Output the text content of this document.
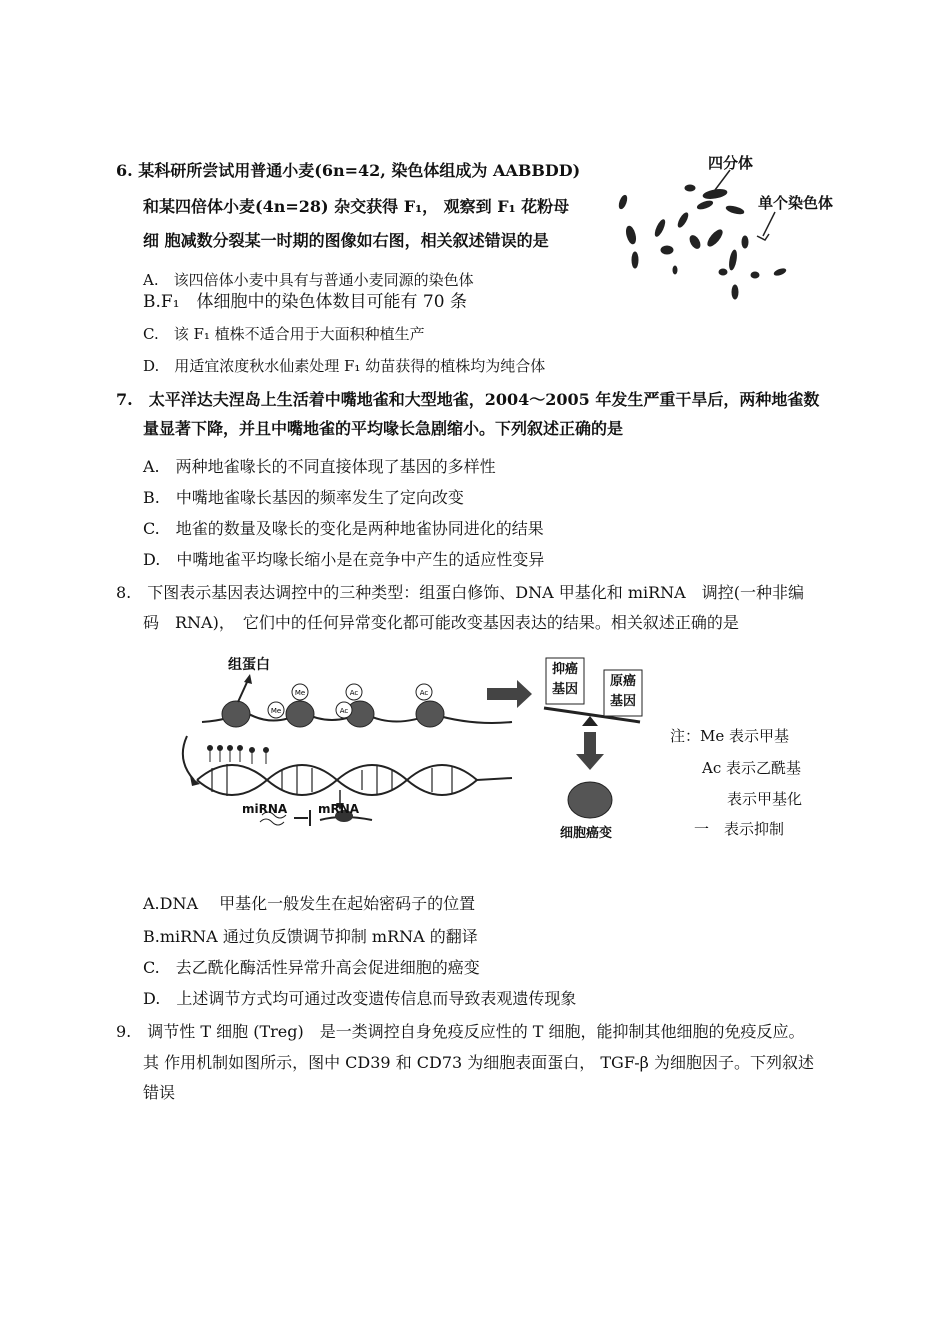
6. 某科研所尝试用普通小麦(6n=42, 染色体组成为 AABBDD)
和某四倍体小麦(4n=28) 杂交获得 F₁， 观察到 F₁ 花粉母
细 胞减数分裂某一时期的图像如右图，相关叙述错误的是
A.　该四倍体小麦中具有与普通小麦同源的染色体
B.F₁　体细胞中的染色体数目可能有 70 条
C.　该 F₁ 植株不适合用于大面积种植生产
D.　用适宜浓度秋水仙素处理 F₁ 幼苗获得的植株均为纯合体
四分体
单个染色体
7.　太平洋达夫涅岛上生活着中嘴地雀和大型地雀，2004～2005 年发生严重干旱后，两种地雀数
量显著下降，并且中嘴地雀的平均喙长急剧缩小。下列叙述正确的是
A.　两种地雀喙长的不同直接体现了基因的多样性
B.　中嘴地雀喙长基因的频率发生了定向改变
C.　地雀的数量及喙长的变化是两种地雀协同进化的结果
D.　中嘴地雀平均喙长缩小是在竞争中产生的适应性变异
8.　下图表示基因表达调控中的三种类型：组蛋白修饰、DNA 甲基化和 miRNA　调控(一种非编
码　RNA)，　它们中的任何异常变化都可能改变基因表达的结果。相关叙述正确的是
Me
Me
Ac
Ac	Ac
组蛋白	抑癌基因
原癌基因
miRNA	mRNA
细胞癌变
注：Me 表示甲基
Ac 表示乙酰基
表示甲基化
一　表示抑制
A.DNA　 甲基化一般发生在起始密码子的位置
B.miRNA 通过负反馈调节抑制 mRNA 的翻译
C.　去乙酰化酶活性异常升高会促进细胞的癌变
D.　上述调节方式均可通过改变遗传信息而导致表观遗传现象
9.　调节性 T 细胞 (Treg)　是一类调控自身免疫反应性的 T 细胞，能抑制其他细胞的免疫反应。
其 作用机制如图所示，图中 CD39 和 CD73 为细胞表面蛋白， TGF-β 为细胞因子。下列叙述
错误
